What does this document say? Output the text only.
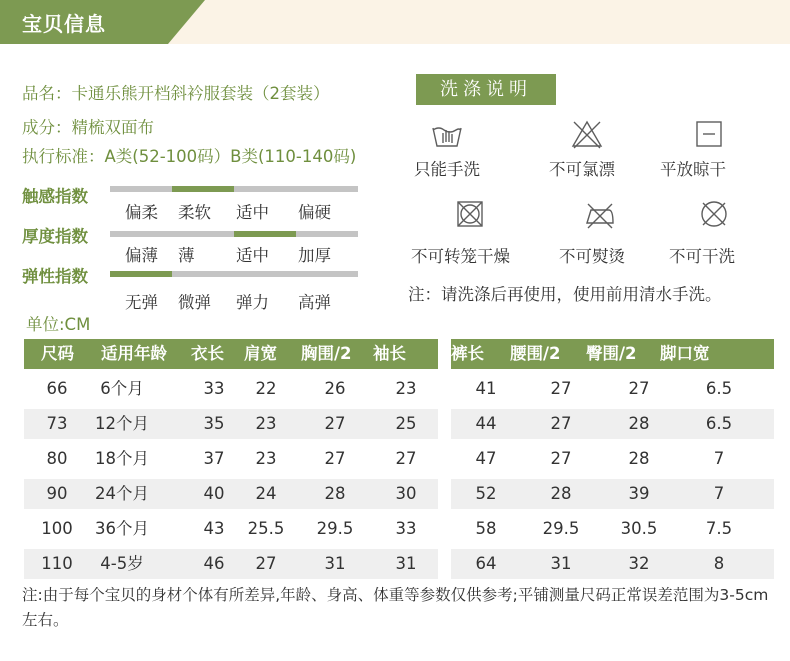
宝贝信息
品名：卡通乐熊开档斜衿服套装（2套装）
成分：精梳双面布
执行标准：A类(52-100码）B类(110-140码)
触感指数
偏柔 柔软 适中 偏硬
厚度指数
偏薄 薄	适中 加厚
弹性指数
无弹 微弹 弹力 高弹
单位:CM
洗涤说明
只能手洗	不可氯漂	平放晾干
不可转笼干燥	不可熨烫	不可干洗
注：请洗涤后再使用，使用前用清水手洗。
尺码 适用年龄 衣长 肩宽 胸围/2 袖长
66	6个月	33	22	26	23
73	12个月	35	23	27	25
80	18个月	37	23	27	27
90	24个月	40	24	28	30
100	36个月	43	25.5	29.5	33
110	4-5岁	46	27	31	31
裤长 腰围/2 臀围/2 脚口宽
41	27	27	6.5
44	27	28	6.5
47	27	28	7
52	28	39	7
58	29.5	30.5	7.5
64	31	32	8
注:由于每个宝贝的身材个体有所差异,年龄、身高、体重等参数仅供参考;平铺测量尺码正常误差范围为3-5cm左右。
